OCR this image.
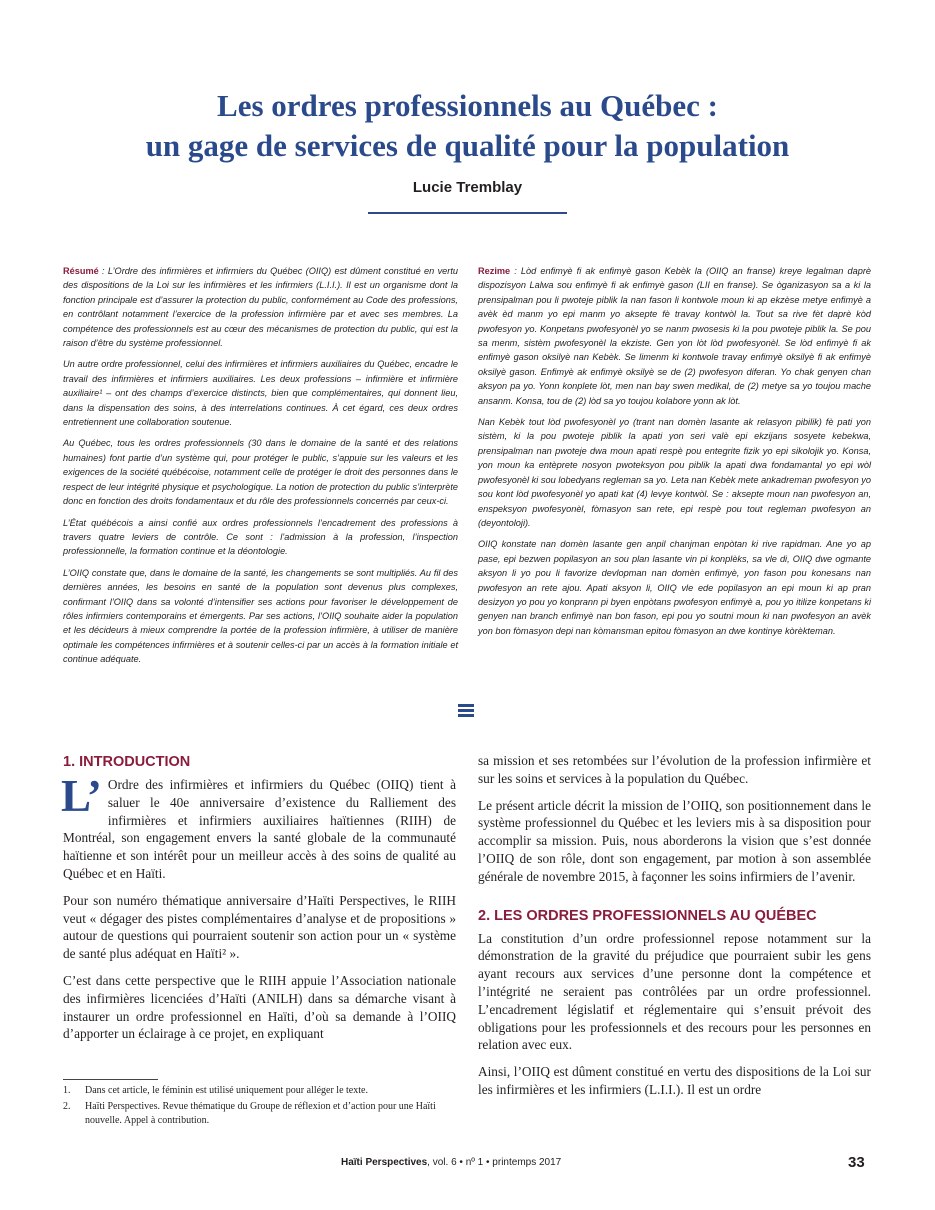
Les ordres professionnels au Québec :
un gage de services de qualité pour la population
Lucie Tremblay

Résumé : L’Ordre des infirmières et infirmiers du Québec (OIIQ) est dûment constitué en vertu des dispositions de la Loi sur les infirmières et les infirmiers (L.I.I.). Il est un organisme dont la fonction principale est d’assurer la protection du public, conformément au Code des professions, en contrôlant notamment l’exercice de la profession infirmière par et avec ses membres. La compétence des professionnels est au cœur des mécanismes de protection du public, qui est la raison d’être du système professionnel.

Un autre ordre professionnel, celui des infirmières et infirmiers auxiliaires du Québec, encadre le travail des infirmières et infirmiers auxiliaires. Les deux professions – infirmière et infirmière auxiliaire¹ – ont des champs d’exercice distincts, bien que complémentaires, qui donnent lieu, dans la dispensation des soins, à des interrelations continues. À cet égard, ces deux ordres entretiennent une collaboration soutenue.

Au Québec, tous les ordres professionnels (30 dans le domaine de la santé et des relations humaines) font partie d’un système qui, pour protéger le public, s’appuie sur les valeurs et les exigences de la société québécoise, notamment celle de protéger le droit des personnes dans le respect de leur intégrité physique et psychologique. La notion de protection du public s’interprète donc en fonction des droits fondamentaux et du rôle des professionnels concernés par ceux-ci.

L’État québécois a ainsi confié aux ordres professionnels l’encadrement des professions à travers quatre leviers de contrôle. Ce sont : l’admission à la profession, l’inspection professionnelle, la formation continue et la déontologie.

L’OIIQ constate que, dans le domaine de la santé, les changements se sont multipliés. Au fil des dernières années, les besoins en santé de la population sont devenus plus complexes, confirmant l’OIIQ dans sa volonté d’intensifier ses actions pour favoriser le développement de rôles infirmiers contemporains et émergents. Par ses actions, l’OIIQ souhaite aider la population et les décideurs à mieux comprendre la portée de la profession infirmière, à utiliser de manière optimale les compétences infirmières et à soutenir celles-ci par un accès à la formation initiale et continue adéquate.

Rezime : Lòd enfimyè fi ak enfimyè gason Kebèk la (OIIQ an franse) kreye legalman daprè dispozisyon Lalwa sou enfimyè fi ak enfimyè gason (LII en franse). Se òganizasyon sa a ki la prensipalman pou li pwoteje piblik la nan fason li kontwole moun ki ap ekzèse metye enfimyè a avèk èd manm yo epi manm yo aksepte fè travay kontwòl la. Tout sa rive fèt daprè kòd pwofesyon yo. Konpetans pwofesyonèl yo se nanm pwosesis ki la pou pwoteje piblik la. Se pou sa menm, sistèm pwofesyonèl la ekziste. Gen yon lòt lòd pwofesyonèl. Se lòd enfimyè fi ak enfimyè gason oksilyè nan Kebèk. Se limenm ki kontwole travay enfimyè oksilyè fi ak enfimyè oksilyè gason. Enfimyè ak enfimyè oksilyè se de (2) pwofesyon diferan. Yo chak genyen chan aksyon pa yo. Yonn konplete lòt, men nan bay swen medikal, de (2) metye sa yo toujou mache ansanm. Konsa, tou de (2) lòd sa yo toujou kolabore yonn ak lòt.

Nan Kebèk tout lòd pwofesyonèl yo (trant nan domèn lasante ak relasyon pibilik) fè pati yon sistèm, ki la pou pwoteje piblik la apati yon seri valè epi ekzijans sosyete kebekwa, prensipalman nan pwoteje dwa moun apati respè pou entegrite fizik yo epi sikolojik yo. Konsa, yon moun ka entèprete nosyon pwoteksyon pou piblik la apati dwa fondamantal yo epi wòl pwofesyonèl ki sou lobedyans regleman sa yo. Leta nan Kebèk mete ankadreman pwofesyon yo sou kont lòd pwofesyonèl yo apati kat (4) levye kontwòl. Se : aksepte moun nan pwofesyon an, enspeksyon pwofesyonèl, fòmasyon san rete, epi respè pou tout regleman pwofesyon an (deyontoloji).

OIIQ konstate nan domèn lasante gen anpil chanjman enpòtan ki rive rapidman. Ane yo ap pase, epi bezwen popilasyon an sou plan lasante vin pi konplèks, sa vle di, OIIQ dwe ogmante aksyon li yo pou li favorize devlopman nan domèn enfimyè, yon fason pou konesans nan pwofesyon an rete ajou. Apati aksyon li, OIIQ vle ede popilasyon an epi moun ki ap pran desizyon yo pou yo konprann pi byen enpòtans pwofesyon enfimyè a, pou yo itilize konpetans ki genyen nan branch enfimyè nan bon fason, epi pou yo soutni moun ki nan pwofesyon an avèk yon bon fòmasyon depi nan kòmansman epitou fòmasyon an dwe kontinye kòrèkteman.

1. INTRODUCTION

L’ Ordre des infirmières et infirmiers du Québec (OIIQ) tient à saluer le 40e anniversaire d’existence du Ralliement des infirmières et infirmiers auxiliaires haïtiennes (RIIH) de Montréal, son engagement envers la santé globale de la communauté haïtienne et son intérêt pour un meilleur accès à des soins de qualité au Québec et en Haïti.

Pour son numéro thématique anniversaire d’Haïti Perspectives, le RIIH veut « dégager des pistes complémentaires d’analyse et de propositions » autour de questions qui pourraient soutenir son action pour un « système de santé plus adéquat en Haïti² ».

C’est dans cette perspective que le RIIH appuie l’Association nationale des infirmières licenciées d’Haïti (ANILH) dans sa démarche visant à instaurer un ordre professionnel en Haïti, d’où sa demande à l’OIIQ d’apporter un éclairage à ce projet, en expliquant

sa mission et ses retombées sur l’évolution de la profession infirmière et sur les soins et services à la population du Québec.

Le présent article décrit la mission de l’OIIQ, son positionnement dans le système professionnel du Québec et les leviers mis à sa disposition pour accomplir sa mission. Puis, nous aborderons la vision que s’est donnée l’OIIQ de son rôle, dont son engagement, par motion à son assemblée générale de novembre 2015, à façonner les soins infirmiers de l’avenir.

2. LES ORDRES PROFESSIONNELS AU QUÉBEC

La constitution d’un ordre professionnel repose notamment sur la démonstration de la gravité du préjudice que pourraient subir les gens ayant recours aux services d’une personne dont la compétence et l’intégrité ne seraient pas contrôlées par un ordre professionnel. L’encadrement législatif et réglementaire qui s’ensuit prévoit des obligations pour les professionnels et des recours pour les personnes en relation avec eux.

Ainsi, l’OIIQ est dûment constitué en vertu des dispositions de la Loi sur les infirmières et les infirmiers (L.I.I.). Il est un ordre

1.	Dans cet article, le féminin est utilisé uniquement pour alléger le texte.
2.	Haïti Perspectives. Revue thématique du Groupe de réflexion et d’action pour une Haïti nouvelle. Appel à contribution.
Haïti Perspectives, vol. 6 • nº 1 • printemps 2017	33
